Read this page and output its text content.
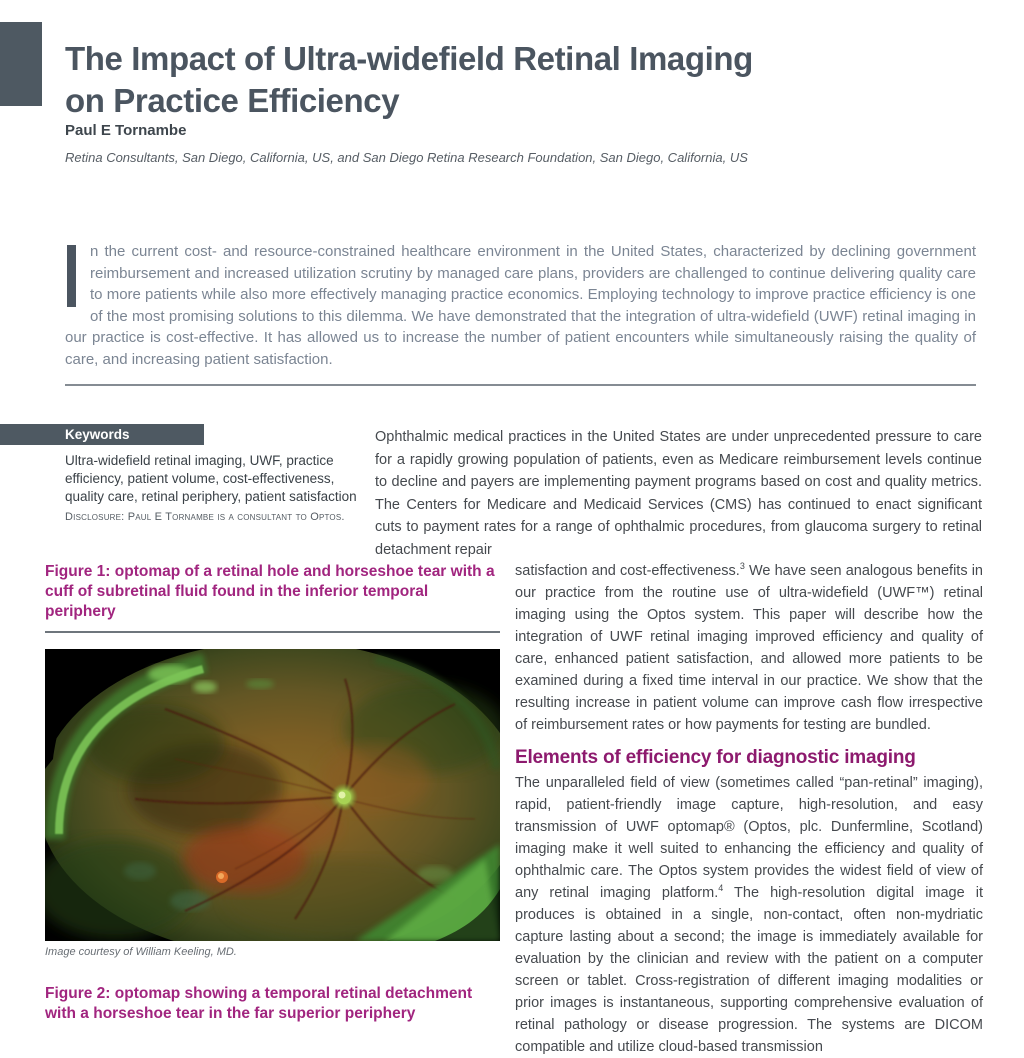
The Impact of Ultra-widefield Retinal Imaging
on Practice Efficiency
Paul E Tornambe
Retina Consultants, San Diego, California, US, and San Diego Retina Research Foundation, San Diego, California, US
n the current cost- and resource-constrained healthcare environment in the United States, characterized by declining government reimbursement and increased utilization scrutiny by managed care plans, providers are challenged to continue delivering quality care to more patients while also more effectively managing practice economics. Employing technology to improve practice efficiency is one of the most promising solutions to this dilemma. We have demonstrated that the integration of ultra-widefield (UWF) retinal imaging in our practice is cost-effective. It has allowed us to increase the number of patient encounters while simultaneously raising the quality of care, and increasing patient satisfaction.
Keywords
Ultra-widefield retinal imaging, UWF, practice efficiency, patient volume, cost-effectiveness, quality care, retinal periphery, patient satisfaction
Disclosure: Paul E Tornambe is a consultant to Optos.
Ophthalmic medical practices in the United States are under unprecedented pressure to care for a rapidly growing population of patients, even as Medicare reimbursement levels continue to decline and payers are implementing payment programs based on cost and quality metrics. The Centers for Medicare and Medicaid Services (CMS) has continued to enact significant cuts to payment rates for a range of ophthalmic procedures, from glaucoma surgery to retinal detachment repair
Figure 1: optomap of a retinal hole and horseshoe tear with a cuff of subretinal fluid found in the inferior temporal periphery
Image courtesy of William Keeling, MD.
Figure 2: optomap showing a temporal retinal detachment with a horseshoe tear in the far superior periphery

satisfaction and cost-effectiveness.$^3$ We have seen analogous benefits in our practice from the routine use of ultra-widefield (UWF™) retinal imaging using the Optos system. This paper will describe how the integration of UWF retinal imaging improved efficiency and quality of care, enhanced patient satisfaction, and allowed more patients to be examined during a fixed time interval in our practice. We show that the resulting increase in patient volume can improve cash flow irrespective of reimbursement rates or how payments for testing are bundled.

Elements of efficiency for diagnostic imaging

The unparalleled field of view (sometimes called “pan-retinal” imaging), rapid, patient-friendly image capture, high-resolution, and easy transmission of UWF optomap® (Optos, plc. Dunfermline, Scotland) imaging make it well suited to enhancing the efficiency and quality of ophthalmic care. The Optos system provides the widest field of view of any retinal imaging platform.$^4$ The high-resolution digital image it produces is obtained in a single, non-contact, often non-mydriatic capture lasting about a second; the image is immediately available for evaluation by the clinician and review with the patient on a computer screen or tablet. Cross-registration of different imaging modalities or prior images is instantaneous, supporting comprehensive evaluation of retinal pathology or disease progression. The systems are DICOM compatible and utilize cloud-based transmission
